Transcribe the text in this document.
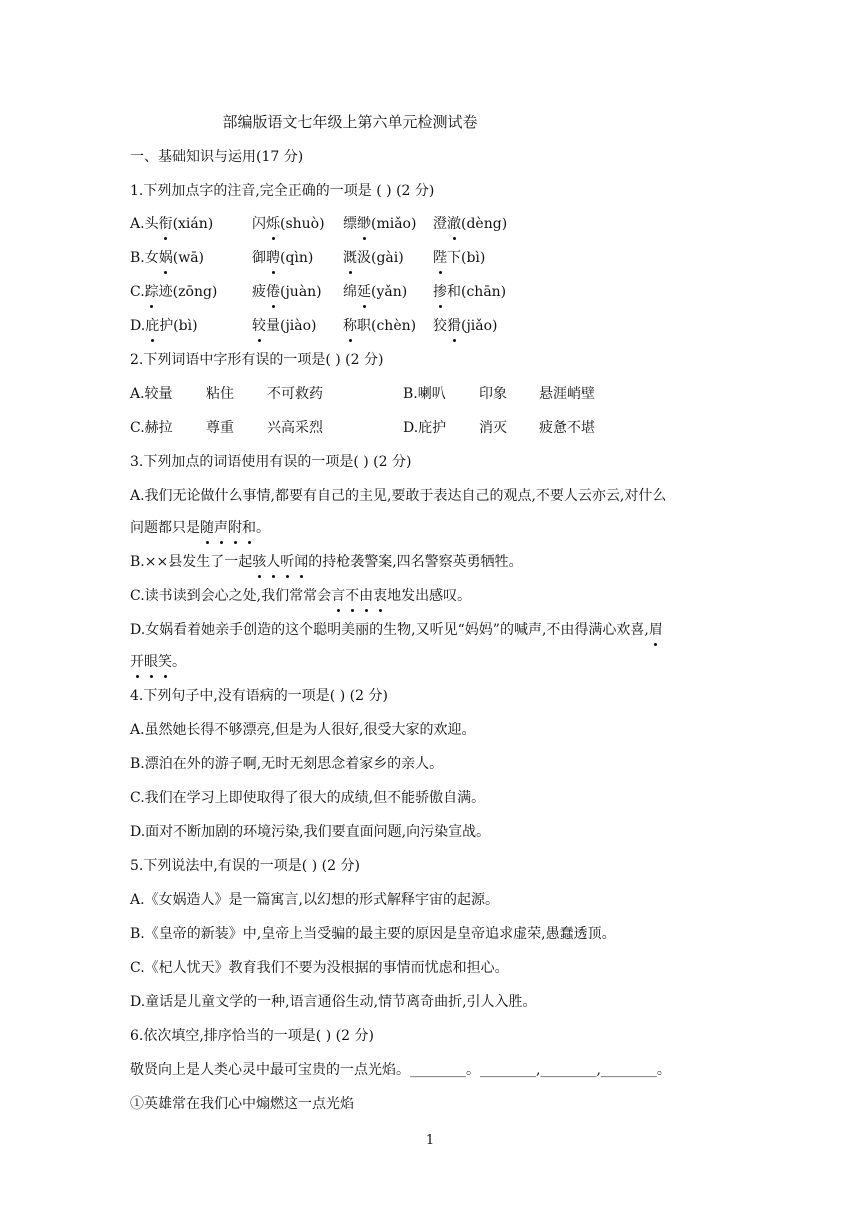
部编版语文七年级上第六单元检测试卷
一、基础知识与运用(17 分)
1.下列加点字的注音,完全正确的一项是 ( ) (2 分)
A.头衔(xián)	闪烁(shuò) 缥缈(miǎo) 澄澈(dèng)
B.女娲(wā)	御聘(qìn) 溉汲(gài) 陛下(bì)
C.踪迹(zōng) 疲倦(juàn) 绵延(yǎn) 掺和(chān)
D.庇护(bì)	较量(jiào) 称职(chèn) 狡猾(jiǎo)
2.下列词语中字形有误的一项是( ) (2 分)
A.较量 粘住 不可救药	B.喇叭 印象 悬涯峭壁
C.赫拉 尊重 兴高采烈	D.庇护 消灭 疲惫不堪
3.下列加点的词语使用有误的一项是( ) (2 分)
A.我们无论做什么事情,都要有自己的主见,要敢于表达自己的观点,不要人云亦云,对什么
问题都只是随声附和。
B.××县发生了一起骇人听闻的持枪袭警案,四名警察英勇牺牲。
C.读书读到会心之处,我们常常会言不由衷地发出感叹。
D.女娲看着她亲手创造的这个聪明美丽的生物,又听见“妈妈”的喊声,不由得满心欢喜,眉
开眼笑。
4.下列句子中,没有语病的一项是( ) (2 分)
A.虽然她长得不够漂亮,但是为人很好,很受大家的欢迎。
B.漂泊在外的游子啊,无时无刻思念着家乡的亲人。
C.我们在学习上即使取得了很大的成绩,但不能骄傲自满。
D.面对不断加剧的环境污染,我们要直面问题,向污染宣战。
5.下列说法中,有误的一项是( ) (2 分)
A.《女娲造人》是一篇寓言,以幻想的形式解释宇宙的起源。
B.《皇帝的新装》中,皇帝上当受骗的最主要的原因是皇帝追求虚荣,愚蠢透顶。
C.《杞人忧天》教育我们不要为没根据的事情而忧虑和担心。
D.童话是儿童文学的一种,语言通俗生动,情节离奇曲折,引人入胜。
6.依次填空,排序恰当的一项是( ) (2 分)
敬贤向上是人类心灵中最可宝贵的一点光焰。________。________,________,________。
①英雄常在我们心中煽燃这一点光焰
1
